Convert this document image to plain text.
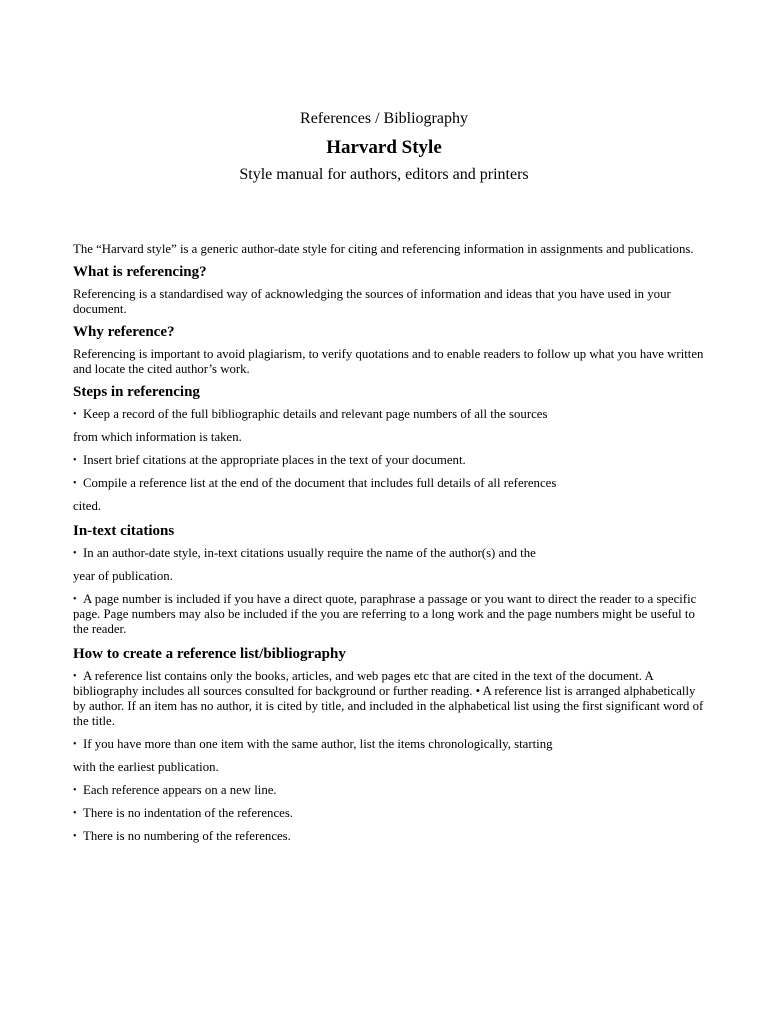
References / Bibliography
Harvard Style
Style manual for authors, editors and printers

The “Harvard style” is a generic author-date style for citing and referencing information in assignments and publications.

What is referencing?

Referencing is a standardised way of acknowledging the sources of information and ideas that you have used in your document.

Why reference?

Referencing is important to avoid plagiarism, to verify quotations and to enable readers to follow up what you have written and locate the cited author’s work.

Steps in referencing

• Keep a record of the full bibliographic details and relevant page numbers of all the sources

from which information is taken.

• Insert brief citations at the appropriate places in the text of your document.

• Compile a reference list at the end of the document that includes full details of all references

cited.

In-text citations

• In an author-date style, in-text citations usually require the name of the author(s) and the

year of publication.

• A page number is included if you have a direct quote, paraphrase a passage or you want to direct the reader to a specific page. Page numbers may also be included if the you are referring to a long work and the page numbers might be useful to the reader.

How to create a reference list/bibliography

• A reference list contains only the books, articles, and web pages etc that are cited in the text of the document. A bibliography includes all sources consulted for background or further reading. • A reference list is arranged alphabetically by author. If an item has no author, it is cited by title, and included in the alphabetical list using the first significant word of the title.

• If you have more than one item with the same author, list the items chronologically, starting

with the earliest publication.

• Each reference appears on a new line.

• There is no indentation of the references.

• There is no numbering of the references.
